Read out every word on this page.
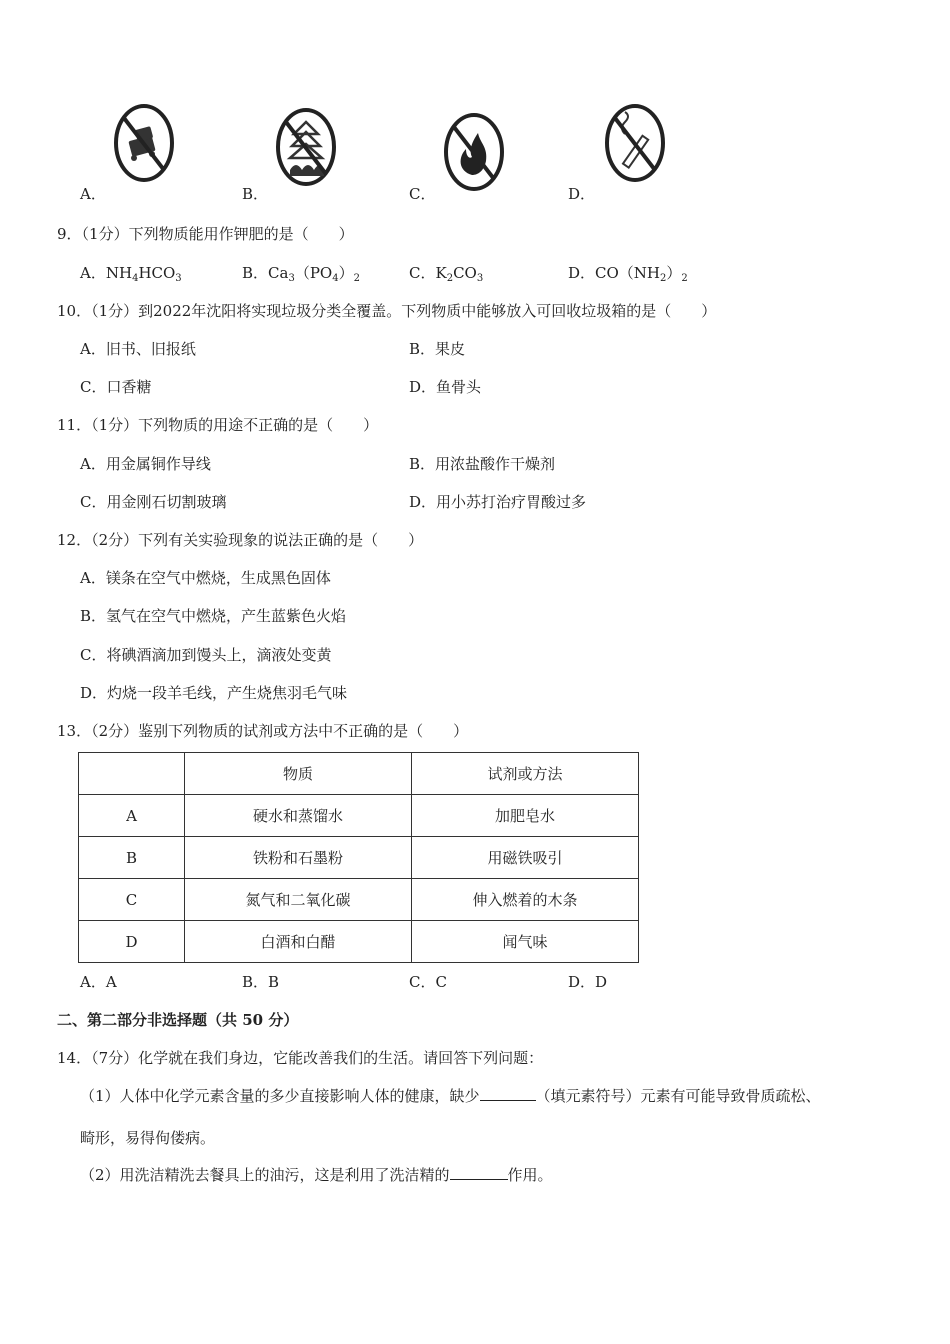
A．	B．	C．	D．
9．（1分）下列物质能用作钾肥的是（　　）
A．$NH_4HCO_3$	B．$Ca_3(PO_4)_2$	C．$K_2CO_3$	D．$CO(NH_2)_2$
10．（1分）到2022年沈阳将实现垃圾分类全覆盖。下列物质中能够放入可回收垃圾箱的是（　　）
A．旧书、旧报纸	B．果皮
C．口香糖	D．鱼骨头
11．（1分）下列物质的用途不正确的是（　　）
A．用金属铜作导线	B．用浓盐酸作干燥剂
C．用金刚石切割玻璃	D．用小苏打治疗胃酸过多
12．（2分）下列有关实验现象的说法正确的是（　　）
A．镁条在空气中燃烧，生成黑色固体
B．氢气在空气中燃烧，产生蓝紫色火焰
C．将碘酒滴加到馒头上，滴液处变黄
D．灼烧一段羊毛线，产生烧焦羽毛气味
13．（2分）鉴别下列物质的试剂或方法中不正确的是（　　）
	物质	试剂或方法
A	硬水和蒸馏水	加肥皂水
B	铁粉和石墨粉	用磁铁吸引
C	氮气和二氧化碳	伸入燃着的木条
D	白酒和白醋	闻气味
A．A	B．B	C．C	D．D
二、第二部分非选择题（共 50 分）
14．（7分）化学就在我们身边，它能改善我们的生活。请回答下列问题：
（1）人体中化学元素含量的多少直接影响人体的健康，缺少	（填元素符号）元素有可能导致骨质疏松、
畸形，易得佝偻病。
（2）用洗洁精洗去餐具上的油污，这是利用了洗洁精的	作用。
